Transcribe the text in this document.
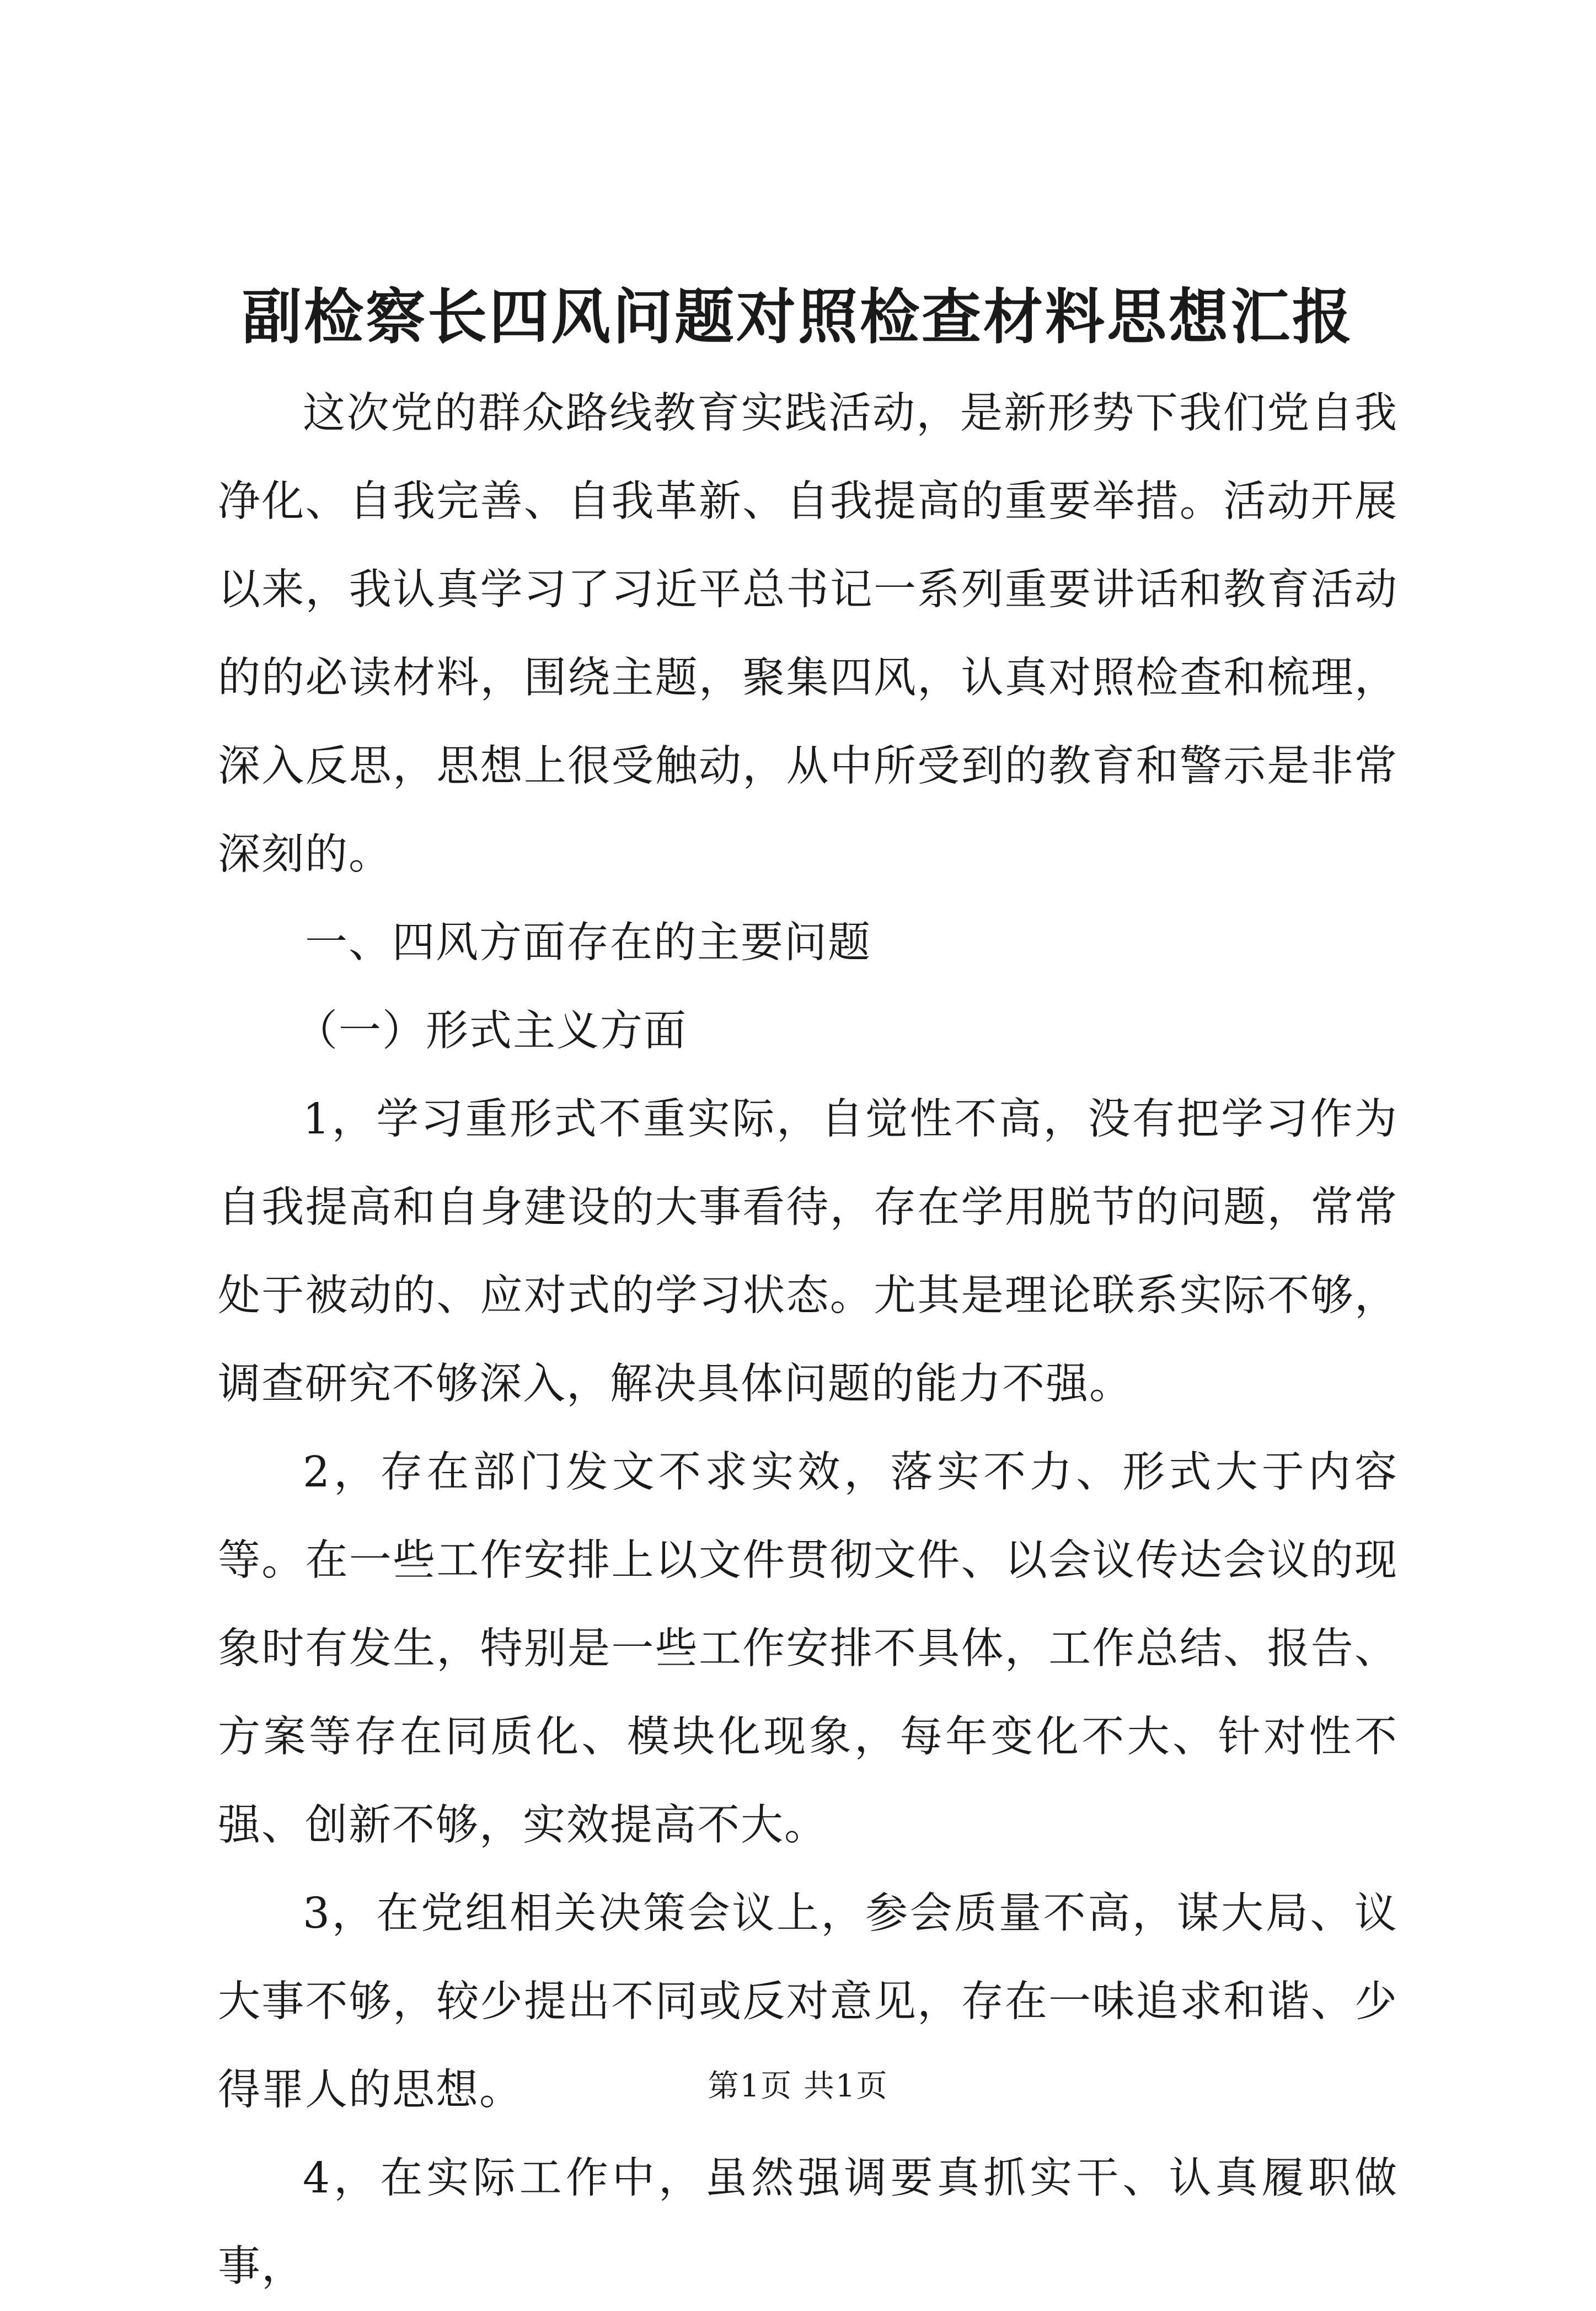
副检察长四风问题对照检查材料思想汇报

这次党的群众路线教育实践活动，是新形势下我们党自我净化、自我完善、自我革新、自我提高的重要举措。活动开展以来，我认真学习了习近平总书记一系列重要讲话和教育活动的的必读材料，围绕主题，聚集四风，认真对照检查和梳理，深入反思，思想上很受触动，从中所受到的教育和警示是非常深刻的。

一、四风方面存在的主要问题

（一）形式主义方面

1，学习重形式不重实际，自觉性不高，没有把学习作为自我提高和自身建设的大事看待，存在学用脱节的问题，常常处于被动的、应对式的学习状态。尤其是理论联系实际不够，调查研究不够深入，解决具体问题的能力不强。

2，存在部门发文不求实效，落实不力、形式大于内容等。在一些工作安排上以文件贯彻文件、以会议传达会议的现象时有发生，特别是一些工作安排不具体，工作总结、报告、方案等存在同质化、模块化现象，每年变化不大、针对性不强、创新不够，实效提高不大。

3，在党组相关决策会议上，参会质量不高，谋大局、议大事不够，较少提出不同或反对意见，存在一味追求和谐、少得罪人的思想。

4，在实际工作中，虽然强调要真抓实干、认真履职做事，

第1页 共1页
